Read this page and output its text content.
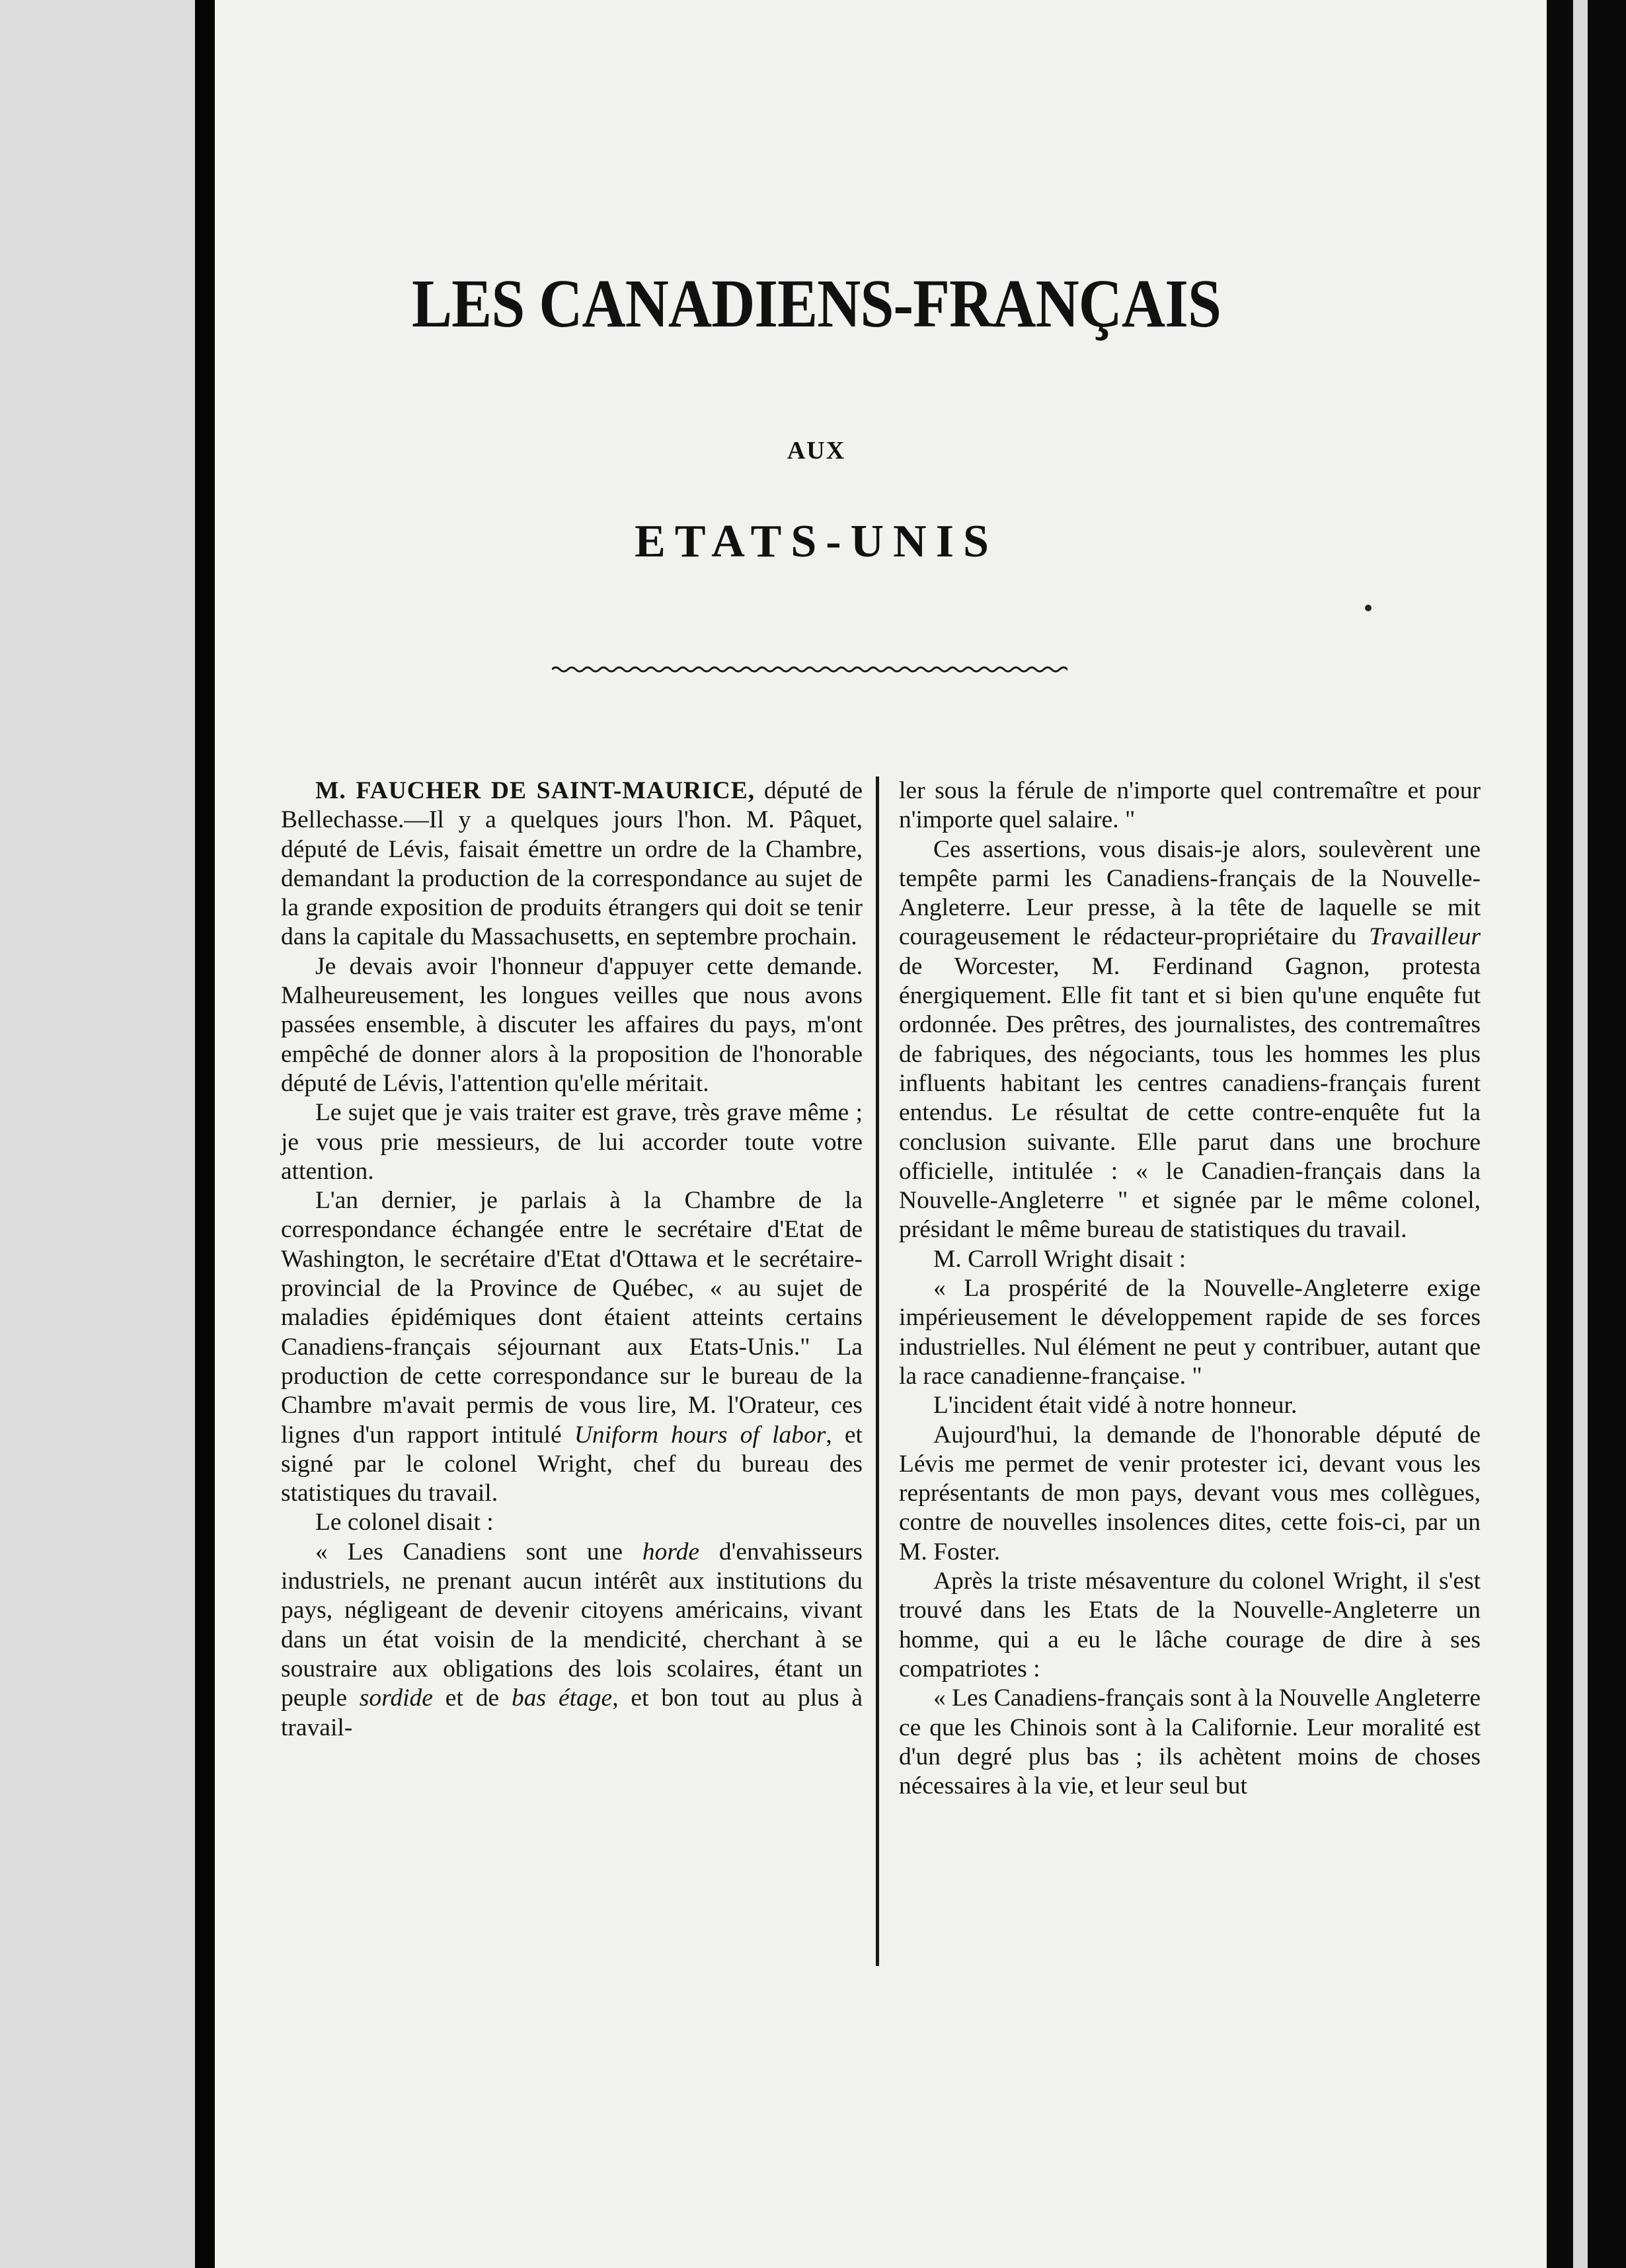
LES CANADIENS-FRANÇAIS
AUX
ETATS-UNIS

M. FAUCHER DE SAINT-MAURICE, député de Bellechasse.—Il y a quelques jours l'hon. M. Pâquet, député de Lévis, faisait émettre un ordre de la Chambre, demandant la production de la correspondance au sujet de la grande exposition de produits étrangers qui doit se tenir dans la capitale du Massachusetts, en septembre prochain.

Je devais avoir l'honneur d'appuyer cette demande. Malheureusement, les longues veilles que nous avons passées ensemble, à discuter les affaires du pays, m'ont empêché de donner alors à la proposition de l'honorable député de Lévis, l'attention qu'elle méritait.

Le sujet que je vais traiter est grave, très grave même ; je vous prie messieurs, de lui accorder toute votre attention.

L'an dernier, je parlais à la Chambre de la correspondance échangée entre le secrétaire d'Etat de Washington, le secrétaire d'Etat d'Ottawa et le secrétaire-provincial de la Province de Québec, « au sujet de maladies épidémiques dont étaient atteints certains Canadiens-français séjournant aux Etats-Unis." La production de cette correspondance sur le bureau de la Chambre m'avait permis de vous lire, M. l'Orateur, ces lignes d'un rapport intitulé Uniform hours of labor, et signé par le colonel Wright, chef du bureau des statistiques du travail.

Le colonel disait :

« Les Canadiens sont une horde d'envahisseurs industriels, ne prenant aucun intérêt aux institutions du pays, négligeant de devenir citoyens américains, vivant dans un état voisin de la mendicité, cherchant à se soustraire aux obligations des lois scolaires, étant un peuple sordide et de bas étage, et bon tout au plus à travail-

ler sous la férule de n'importe quel contremaître et pour n'importe quel salaire. "

Ces assertions, vous disais-je alors, soulevèrent une tempête parmi les Canadiens-français de la Nouvelle-Angleterre. Leur presse, à la tête de laquelle se mit courageusement le rédacteur-propriétaire du Travailleur de Worcester, M. Ferdinand Gagnon, protesta énergiquement. Elle fit tant et si bien qu'une enquête fut ordonnée. Des prêtres, des journalistes, des contremaîtres de fabriques, des négociants, tous les hommes les plus influents habitant les centres canadiens-français furent entendus. Le résultat de cette contre-enquête fut la conclusion suivante. Elle parut dans une brochure officielle, intitulée : « le Canadien-français dans la Nouvelle-Angleterre " et signée par le même colonel, présidant le même bureau de statistiques du travail.

M. Carroll Wright disait :

« La prospérité de la Nouvelle-Angleterre exige impérieusement le développement rapide de ses forces industrielles. Nul élément ne peut y contribuer, autant que la race canadienne-française. "

L'incident était vidé à notre honneur.

Aujourd'hui, la demande de l'honorable député de Lévis me permet de venir protester ici, devant vous les représentants de mon pays, devant vous mes collègues, contre de nouvelles insolences dites, cette fois-ci, par un M. Foster.

Après la triste mésaventure du colonel Wright, il s'est trouvé dans les Etats de la Nouvelle-Angleterre un homme, qui a eu le lâche courage de dire à ses compatriotes :

« Les Canadiens-français sont à la Nouvelle Angleterre ce que les Chinois sont à la Californie. Leur moralité est d'un degré plus bas ; ils achètent moins de choses nécessaires à la vie, et leur seul but
